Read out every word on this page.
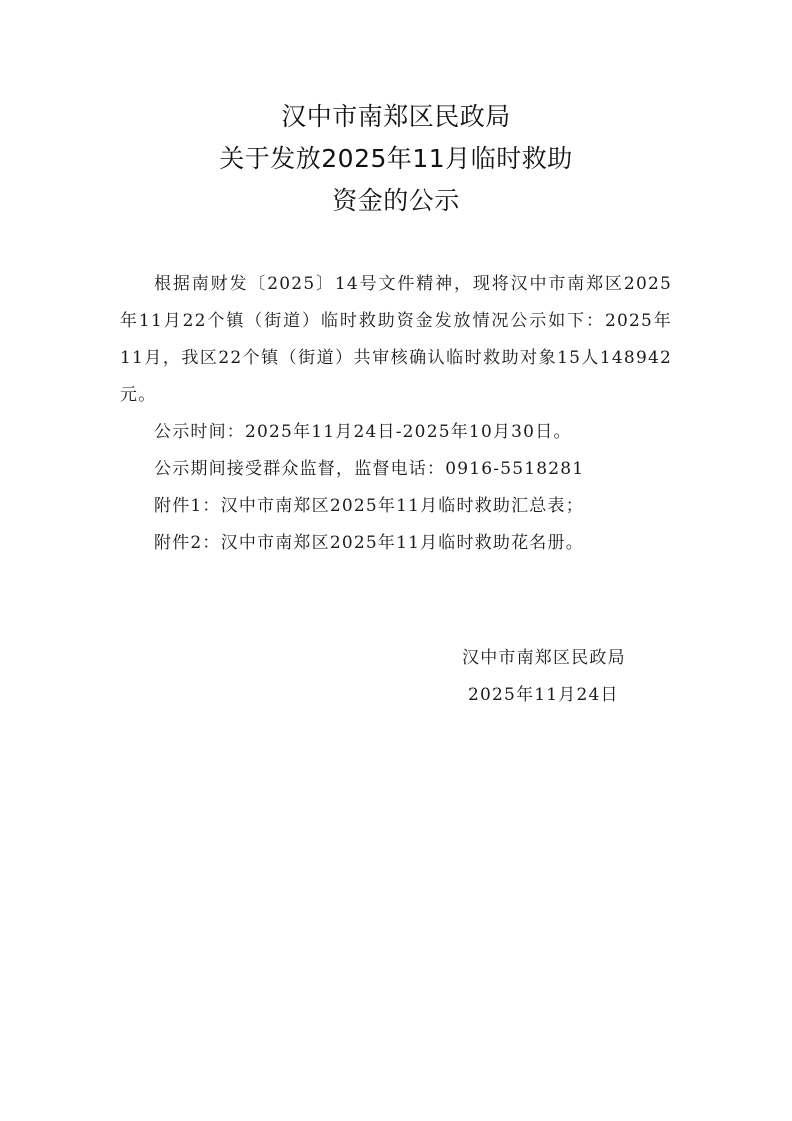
汉中市南郑区民政局
关于发放2025年11月临时救助
资金的公示

根据南财发〔2025〕14号文件精神，现将汉中市南郑区2025年11月22个镇（街道）临时救助资金发放情况公示如下：2025年11月，我区22个镇（街道）共审核确认临时救助对象15人148942元。

公示时间：2025年11月24日-2025年10月30日。

公示期间接受群众监督，监督电话：0916-5518281

附件1：汉中市南郑区2025年11月临时救助汇总表；

附件2：汉中市南郑区2025年11月临时救助花名册。

汉中市南郑区民政局
2025年11月24日
